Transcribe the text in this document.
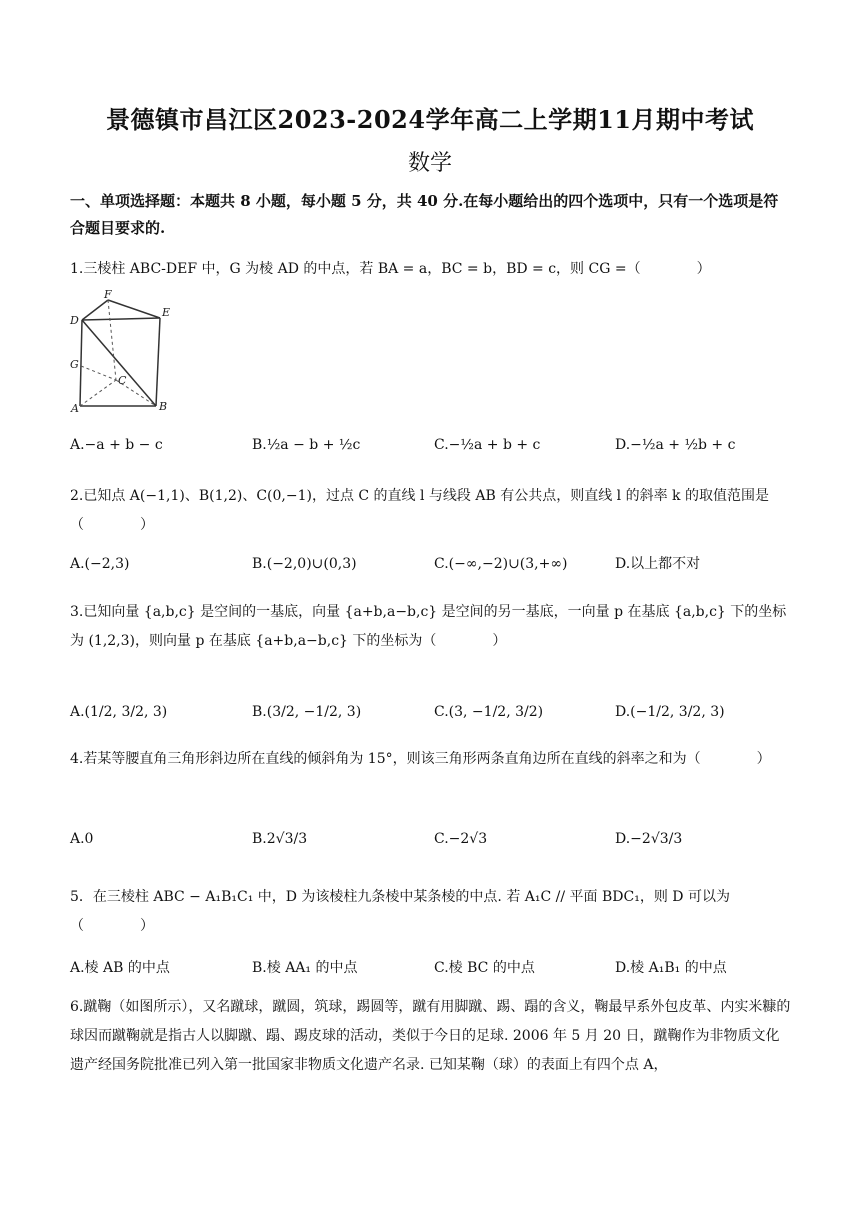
景德镇市昌江区2023-2024学年高二上学期11月期中考试
数学
一、单项选择题：本题共 8 小题，每小题 5 分，共 40 分.在每小题给出的四个选项中，只有一个选项是符合题目要求的.
1.三棱柱 ABC-DEF 中，G 为棱 AD 的中点，若 BA = a，BC = b，BD = c，则 CG =（　　　　）
F
D
E
G
C
A	B
A.−a + b − c	B.½a − b + ½c	C.−½a + b + c	D.−½a + ½b + c
2.已知点 A(−1,1)、B(1,2)、C(0,−1)，过点 C 的直线 l 与线段 AB 有公共点，则直线 l 的斜率 k 的取值范围是（　　　　）
A.(−2,3)	B.(−2,0)∪(0,3)	C.(−∞,−2)∪(3,+∞)	D.以上都不对
3.已知向量 {a,b,c} 是空间的一基底，向量 {a+b,a−b,c} 是空间的另一基底，一向量 p 在基底 {a,b,c} 下的坐标为 (1,2,3)，则向量 p 在基底 {a+b,a−b,c} 下的坐标为（　　　　）
A.(1/2, 3/2, 3)	B.(3/2, −1/2, 3)	C.(3, −1/2, 3/2)	D.(−1/2, 3/2, 3)
4.若某等腰直角三角形斜边所在直线的倾斜角为 15°，则该三角形两条直角边所在直线的斜率之和为（　　　　）
A.0	B.2√3/3	C.−2√3	D.−2√3/3
5．在三棱柱 ABC − A₁B₁C₁ 中，D 为该棱柱九条棱中某条棱的中点. 若 A₁C // 平面 BDC₁，则 D 可以为（　　　　）
A.棱 AB 的中点	B.棱 AA₁ 的中点	C.棱 BC 的中点	D.棱 A₁B₁ 的中点
6.蹴鞠（如图所示），又名蹴球，蹴圆，筑球，踢圆等，蹴有用脚蹴、踢、蹋的含义，鞠最早系外包皮革、内实米糠的球因而蹴鞠就是指古人以脚蹴、蹋、踢皮球的活动，类似于今日的足球. 2006 年 5 月 20 日，蹴鞠作为非物质文化遗产经国务院批准已列入第一批国家非物质文化遗产名录. 已知某鞠（球）的表面上有四个点 A，
